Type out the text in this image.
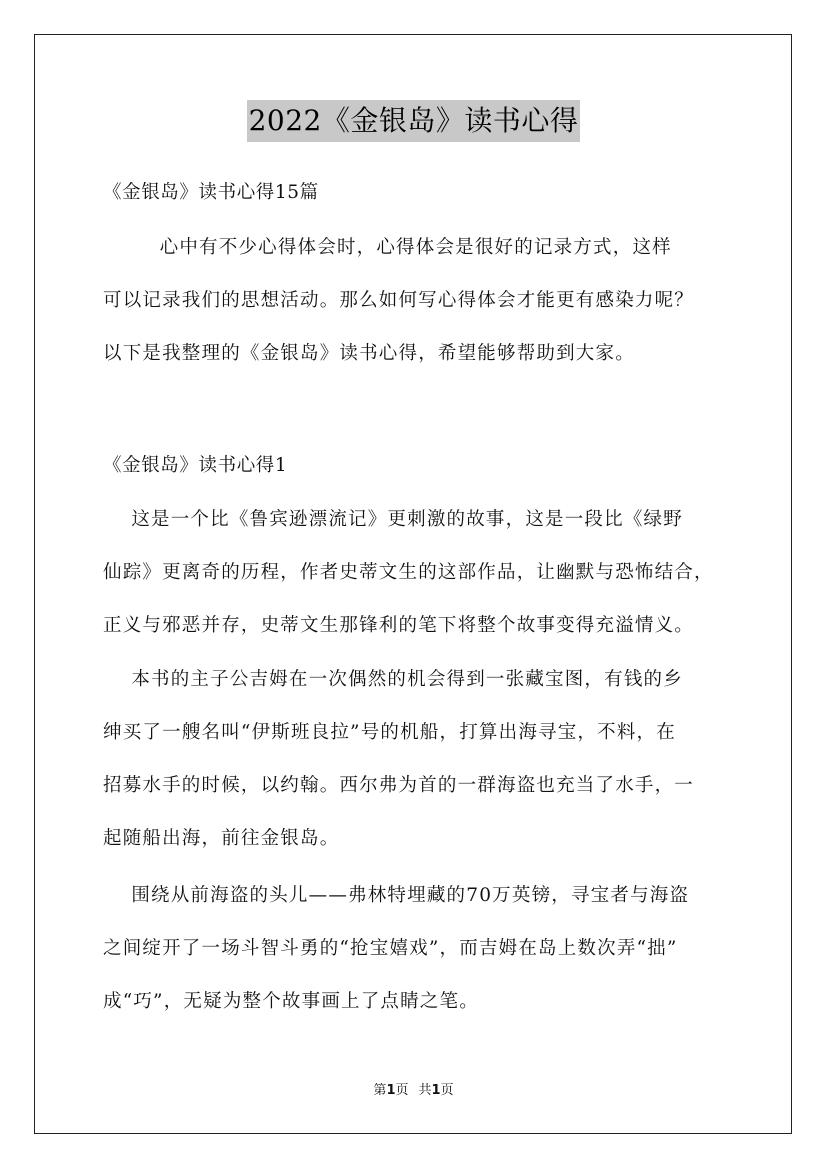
2022《金银岛》读书心得
《金银岛》读书心得15篇
心中有不少心得体会时，心得体会是很好的记录方式，这样
可以记录我们的思想活动。那么如何写心得体会才能更有感染力呢？
以下是我整理的《金银岛》读书心得，希望能够帮助到大家。
《金银岛》读书心得1
这是一个比《鲁宾逊漂流记》更刺激的故事，这是一段比《绿野
仙踪》更离奇的历程，作者史蒂文生的这部作品，让幽默与恐怖结合，
正义与邪恶并存，史蒂文生那锋利的笔下将整个故事变得充溢情义。
本书的主子公吉姆在一次偶然的机会得到一张藏宝图，有钱的乡
绅买了一艘名叫“伊斯班良拉”号的机船，打算出海寻宝，不料，在
招募水手的时候，以约翰。西尔弗为首的一群海盗也充当了水手，一
起随船出海，前往金银岛。
围绕从前海盗的头儿——弗林特埋藏的70万英镑，寻宝者与海盗
之间绽开了一场斗智斗勇的“抢宝嬉戏”，而吉姆在岛上数次弄“拙”
成“巧”，无疑为整个故事画上了点睛之笔。
第1页 共1页
